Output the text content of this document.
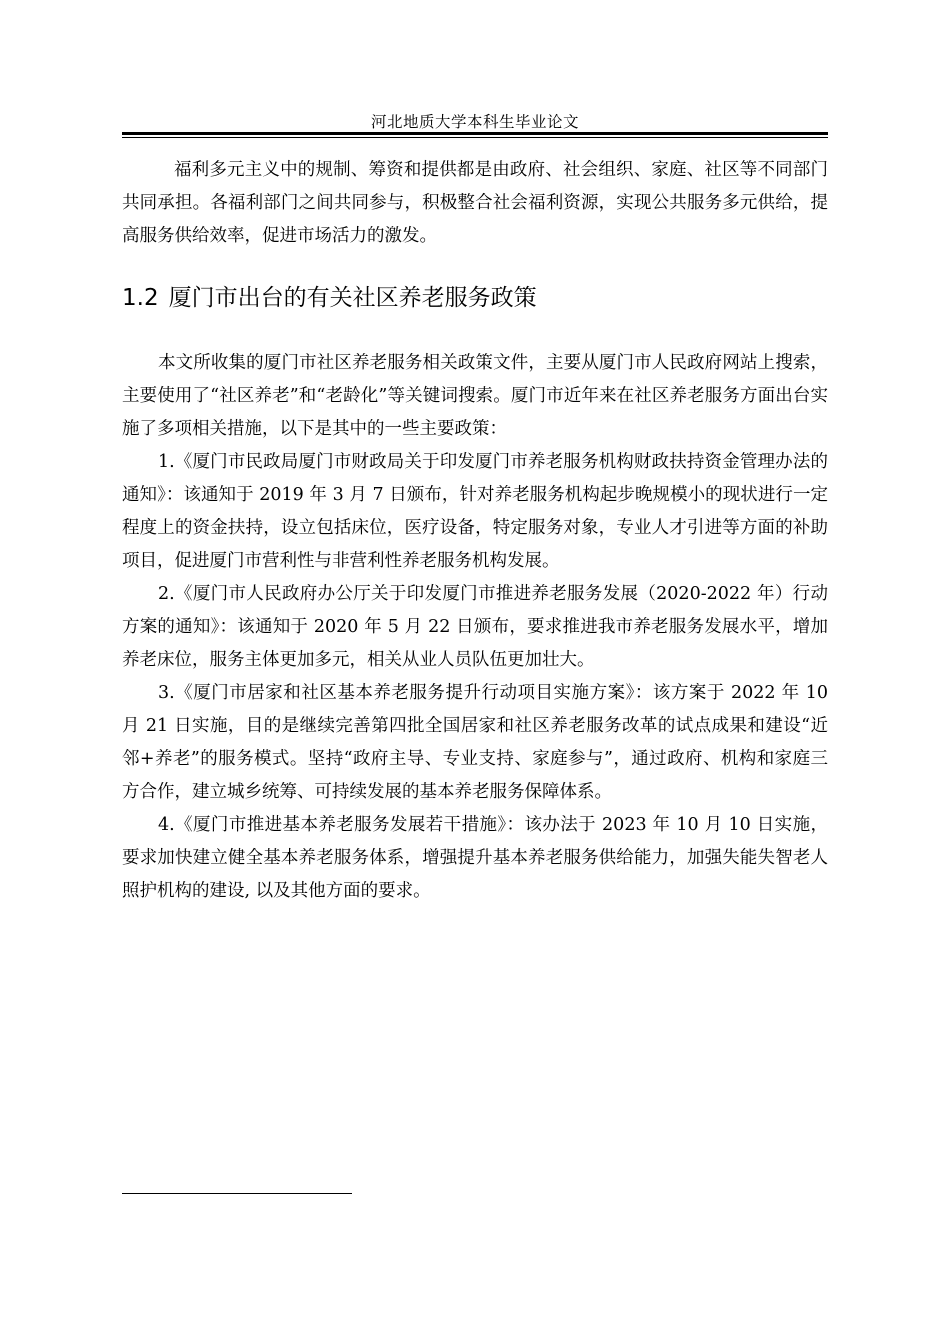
河北地质大学本科生毕业论文

福利多元主义中的规制、筹资和提供都是由政府、社会组织、家庭、社区等不同部门共同承担。各福利部门之间共同参与，积极整合社会福利资源，实现公共服务多元供给，提高服务供给效率，促进市场活力的激发。

1.2 厦门市出台的有关社区养老服务政策

本文所收集的厦门市社区养老服务相关政策文件，主要从厦门市人民政府网站上搜索，主要使用了“社区养老”和“老龄化”等关键词搜索。厦门市近年来在社区养老服务方面出台实施了多项相关措施，以下是其中的一些主要政策：

1.《厦门市民政局厦门市财政局关于印发厦门市养老服务机构财政扶持资金管理办法的通知》：该通知于 2019 年 3 月 7 日颁布，针对养老服务机构起步晚规模小的现状进行一定程度上的资金扶持，设立包括床位，医疗设备，特定服务对象，专业人才引进等方面的补助项目，促进厦门市营利性与非营利性养老服务机构发展。

2.《厦门市人民政府办公厅关于印发厦门市推进养老服务发展（2020-2022 年）行动方案的通知》：该通知于 2020 年 5 月 22 日颁布，要求推进我市养老服务发展水平，增加养老床位，服务主体更加多元，相关从业人员队伍更加壮大。

3.《厦门市居家和社区基本养老服务提升行动项目实施方案》：该方案于 2022 年 10 月 21 日实施，目的是继续完善第四批全国居家和社区养老服务改革的试点成果和建设“近邻+养老”的服务模式。坚持“政府主导、专业支持、家庭参与”，通过政府、机构和家庭三方合作，建立城乡统筹、可持续发展的基本养老服务保障体系。

4.《厦门市推进基本养老服务发展若干措施》：该办法于 2023 年 10 月 10 日实施，要求加快建立健全基本养老服务体系，增强提升基本养老服务供给能力，加强失能失智老人照护机构的建设, 以及其他方面的要求。
